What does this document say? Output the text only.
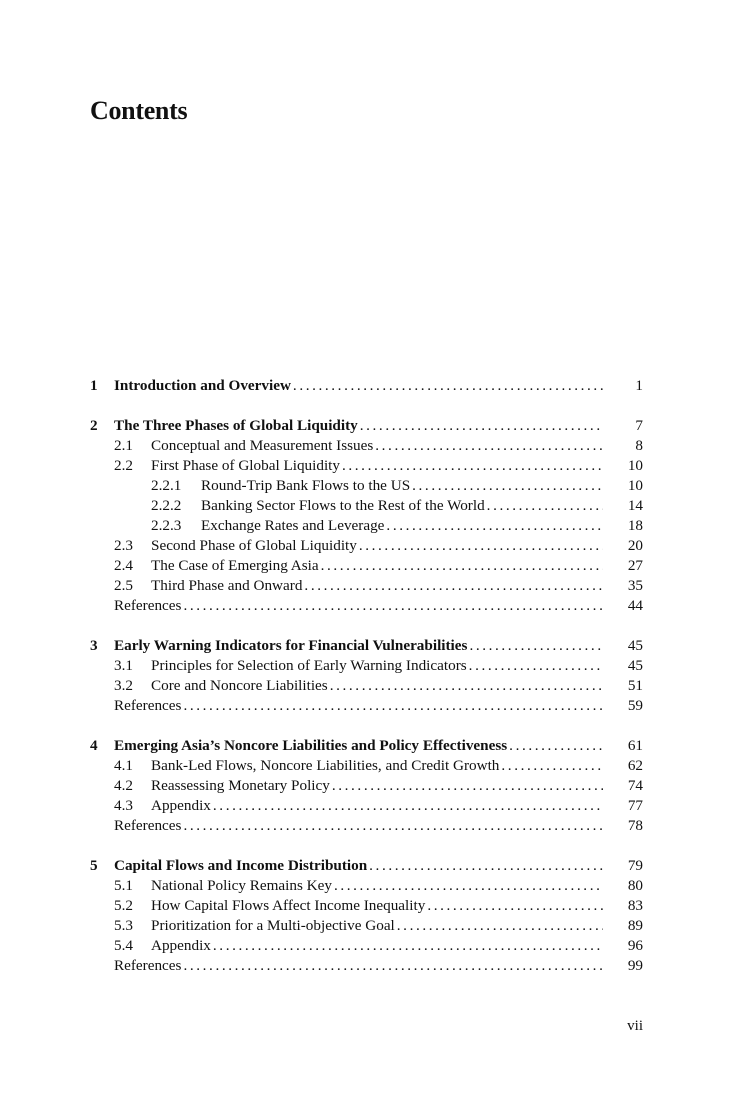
Contents
1	Introduction and Overview . . .	1
2	The Three Phases of Global Liquidity . . .	7
2.1	Conceptual and Measurement Issues . . .	8
2.2	First Phase of Global Liquidity . . .	10
2.2.1	Round-Trip Bank Flows to the US . . .	10
2.2.2	Banking Sector Flows to the Rest of the World . . .	14
2.2.3	Exchange Rates and Leverage . . .	18
2.3	Second Phase of Global Liquidity . . .	20
2.4	The Case of Emerging Asia . . .	27
2.5	Third Phase and Onward . . .	35
References . . .	44
3	Early Warning Indicators for Financial Vulnerabilities . . .	45
3.1	Principles for Selection of Early Warning Indicators . . .	45
3.2	Core and Noncore Liabilities . . .	51
References . . .	59
4	Emerging Asia’s Noncore Liabilities and Policy Effectiveness . . .	61
4.1	Bank-Led Flows, Noncore Liabilities, and Credit Growth . . .	62
4.2	Reassessing Monetary Policy . . .	74
4.3	Appendix . . .	77
References . . .	78
5	Capital Flows and Income Distribution . . .	79
5.1	National Policy Remains Key . . .	80
5.2	How Capital Flows Affect Income Inequality . . .	83
5.3	Prioritization for a Multi-objective Goal . . .	89
5.4	Appendix . . .	96
References . . .	99
vii
